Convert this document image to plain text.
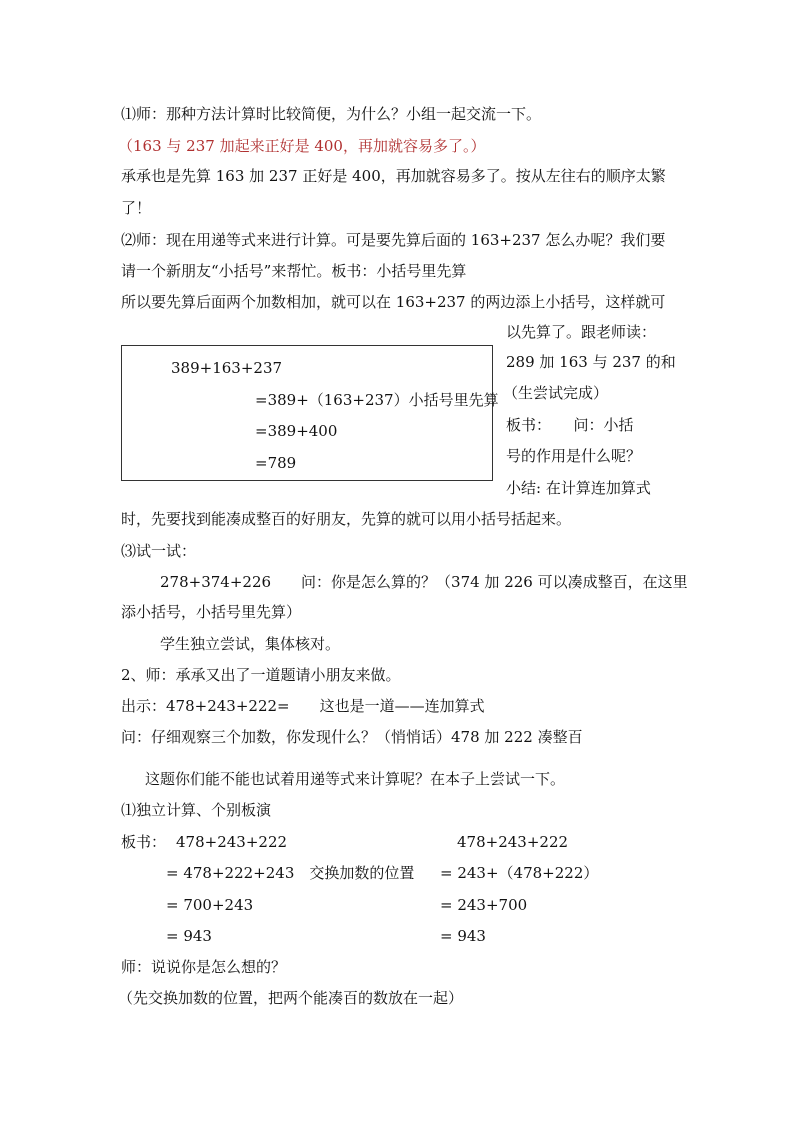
⑴师：那种方法计算时比较简便，为什么？小组一起交流一下。
（163 与 237 加起来正好是 400，再加就容易多了。）
承承也是先算 163 加 237 正好是 400，再加就容易多了。按从左往右的顺序太繁
了！
⑵师：现在用递等式来进行计算。可是要先算后面的 163+237 怎么办呢？我们要
请一个新朋友“小括号”来帮忙。板书：小括号里先算
所以要先算后面两个加数相加，就可以在 163+237 的两边添上小括号，这样就可
389+163+237
=389+（163+237）小括号里先算
=389+400
=789
以先算了。跟老师读：
289 加 163 与 237 的和
（生尝试完成）
板书：　　问：小括
号的作用是什么呢？
小结: 在计算连加算式
时，先要找到能凑成整百的好朋友，先算的就可以用小括号括起来。
⑶试一试：
278+374+226　　问：你是怎么算的？（374 加 226 可以凑成整百，在这里
添小括号，小括号里先算）
学生独立尝试，集体核对。
2、师：承承又出了一道题请小朋友来做。
出示：478+243+222=　　这也是一道——连加算式
问：仔细观察三个加数，你发现什么？（悄悄话）478 加 222 凑整百
这题你们能不能也试着用递等式来计算呢？在本子上尝试一下。
⑴独立计算、个别板演
板书： 478+243+222
= 478+222+243　交换加数的位置
= 700+243
= 943
478+243+222
= 243+（478+222）
= 243+700
= 943
师：说说你是怎么想的？
（先交换加数的位置，把两个能凑百的数放在一起）
